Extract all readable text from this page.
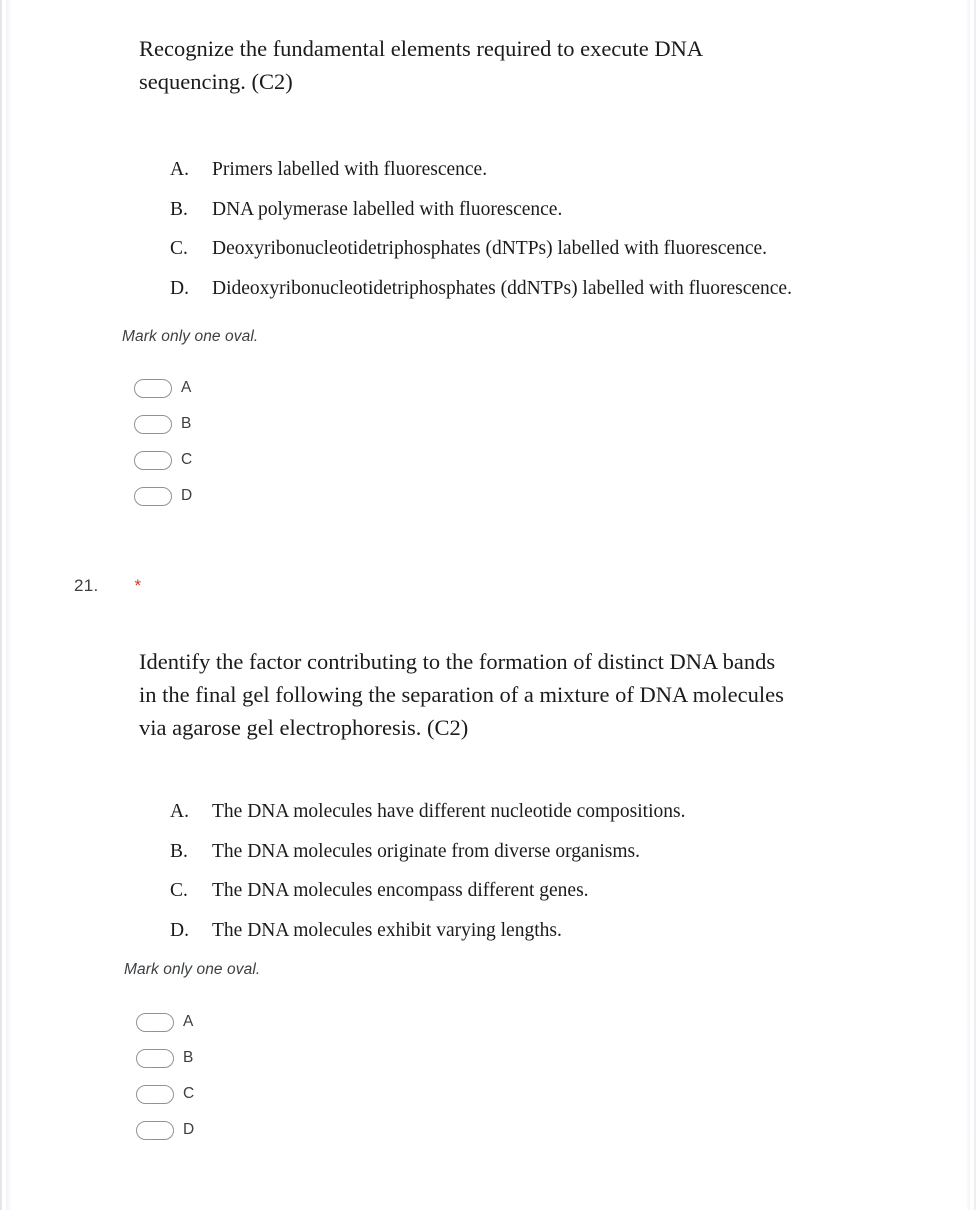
Recognize the fundamental elements required to execute DNA
sequencing. (C2)
A.	Primers labelled with fluorescence.
B.	DNA polymerase labelled with fluorescence.
C.	Deoxyribonucleotidetriphosphates (dNTPs) labelled with fluorescence.
D.	Dideoxyribonucleotidetriphosphates (ddNTPs) labelled with fluorescence.
Mark only one oval.
A
B
C
D
21. *
Identify the factor contributing to the formation of distinct DNA bands
in the final gel following the separation of a mixture of DNA molecules
via agarose gel electrophoresis. (C2)
A.	The DNA molecules have different nucleotide compositions.
B.	The DNA molecules originate from diverse organisms.
C.	The DNA molecules encompass different genes.
D.	The DNA molecules exhibit varying lengths.
Mark only one oval.
A
B
C
D
